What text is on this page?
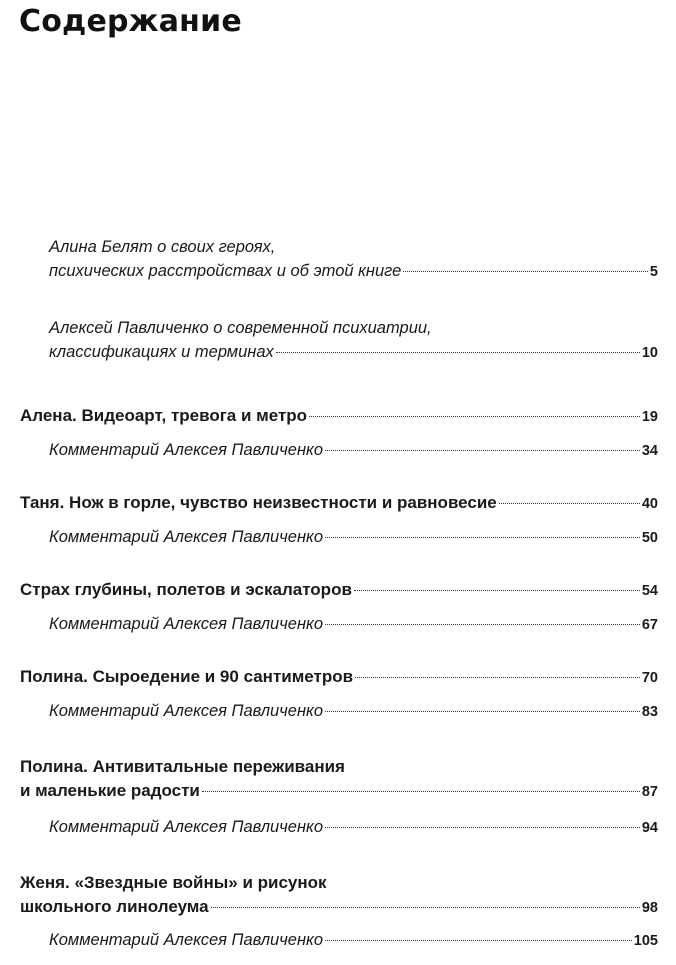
Содержание
Алина Белят о своих героях,
психических расстройствах и об этой книге	5
Алексей Павличенко о современной психиатрии,
классификациях и терминах	10
Алена. Видеоарт, тревога и метро	19
Комментарий Алексея Павличенко	34
Таня. Нож в горле, чувство неизвестности и равновесие	40
Комментарий Алексея Павличенко	50
Страх глубины, полетов и эскалаторов	54
Комментарий Алексея Павличенко	67
Полина. Сыроедение и 90 сантиметров	70
Комментарий Алексея Павличенко	83
Полина. Антивитальные переживания
и маленькие радости	87
Комментарий Алексея Павличенко	94
Женя. «Звездные войны» и рисунок
школьного линолеума	98
Комментарий Алексея Павличенко	105
